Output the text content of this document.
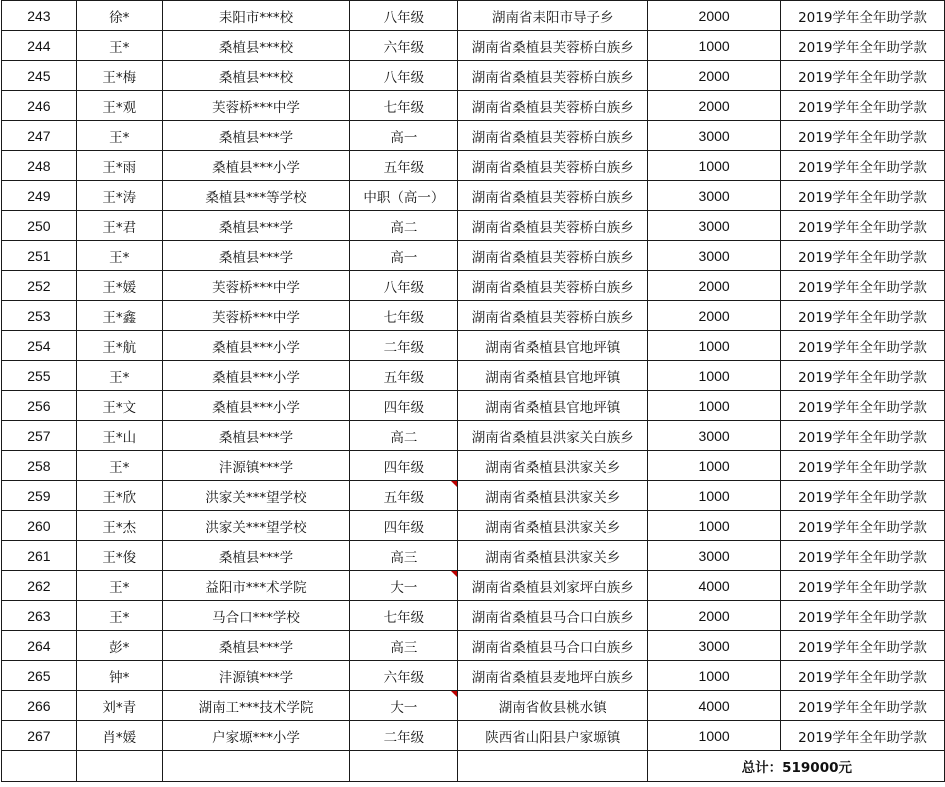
243	徐*	耒阳市***校	八年级	湖南省耒阳市导子乡	2000	2019学年全年助学款
244	王*	桑植县***校	六年级	湖南省桑植县芙蓉桥白族乡	1000	2019学年全年助学款
245	王*梅	桑植县***校	八年级	湖南省桑植县芙蓉桥白族乡	2000	2019学年全年助学款
246	王*观	芙蓉桥***中学	七年级	湖南省桑植县芙蓉桥白族乡	2000	2019学年全年助学款
247	王*	桑植县***学	高一	湖南省桑植县芙蓉桥白族乡	3000	2019学年全年助学款
248	王*雨	桑植县***小学	五年级	湖南省桑植县芙蓉桥白族乡	1000	2019学年全年助学款
249	王*涛	桑植县***等学校	中职（高一）	湖南省桑植县芙蓉桥白族乡	3000	2019学年全年助学款
250	王*君	桑植县***学	高二	湖南省桑植县芙蓉桥白族乡	3000	2019学年全年助学款
251	王*	桑植县***学	高一	湖南省桑植县芙蓉桥白族乡	3000	2019学年全年助学款
252	王*媛	芙蓉桥***中学	八年级	湖南省桑植县芙蓉桥白族乡	2000	2019学年全年助学款
253	王*鑫	芙蓉桥***中学	七年级	湖南省桑植县芙蓉桥白族乡	2000	2019学年全年助学款
254	王*航	桑植县***小学	二年级	湖南省桑植县官地坪镇	1000	2019学年全年助学款
255	王*	桑植县***小学	五年级	湖南省桑植县官地坪镇	1000	2019学年全年助学款
256	王*文	桑植县***小学	四年级	湖南省桑植县官地坪镇	1000	2019学年全年助学款
257	王*山	桑植县***学	高二	湖南省桑植县洪家关白族乡	3000	2019学年全年助学款
258	王*	沣源镇***学	四年级	湖南省桑植县洪家关乡	1000	2019学年全年助学款
259	王*欣	洪家关***望学校	五年级	湖南省桑植县洪家关乡	1000	2019学年全年助学款
260	王*杰	洪家关***望学校	四年级	湖南省桑植县洪家关乡	1000	2019学年全年助学款
261	王*俊	桑植县***学	高三	湖南省桑植县洪家关乡	3000	2019学年全年助学款
262	王*	益阳市***术学院	大一	湖南省桑植县刘家坪白族乡	4000	2019学年全年助学款
263	王*	马合口***学校	七年级	湖南省桑植县马合口白族乡	2000	2019学年全年助学款
264	彭*	桑植县***学	高三	湖南省桑植县马合口白族乡	3000	2019学年全年助学款
265	钟*	沣源镇***学	六年级	湖南省桑植县麦地坪白族乡	1000	2019学年全年助学款
266	刘*青	湖南工***技术学院	大一	湖南省攸县桃水镇	4000	2019学年全年助学款
267	肖*媛	户家塬***小学	二年级	陕西省山阳县户家塬镇	1000	2019学年全年助学款
					总计：519000元	
